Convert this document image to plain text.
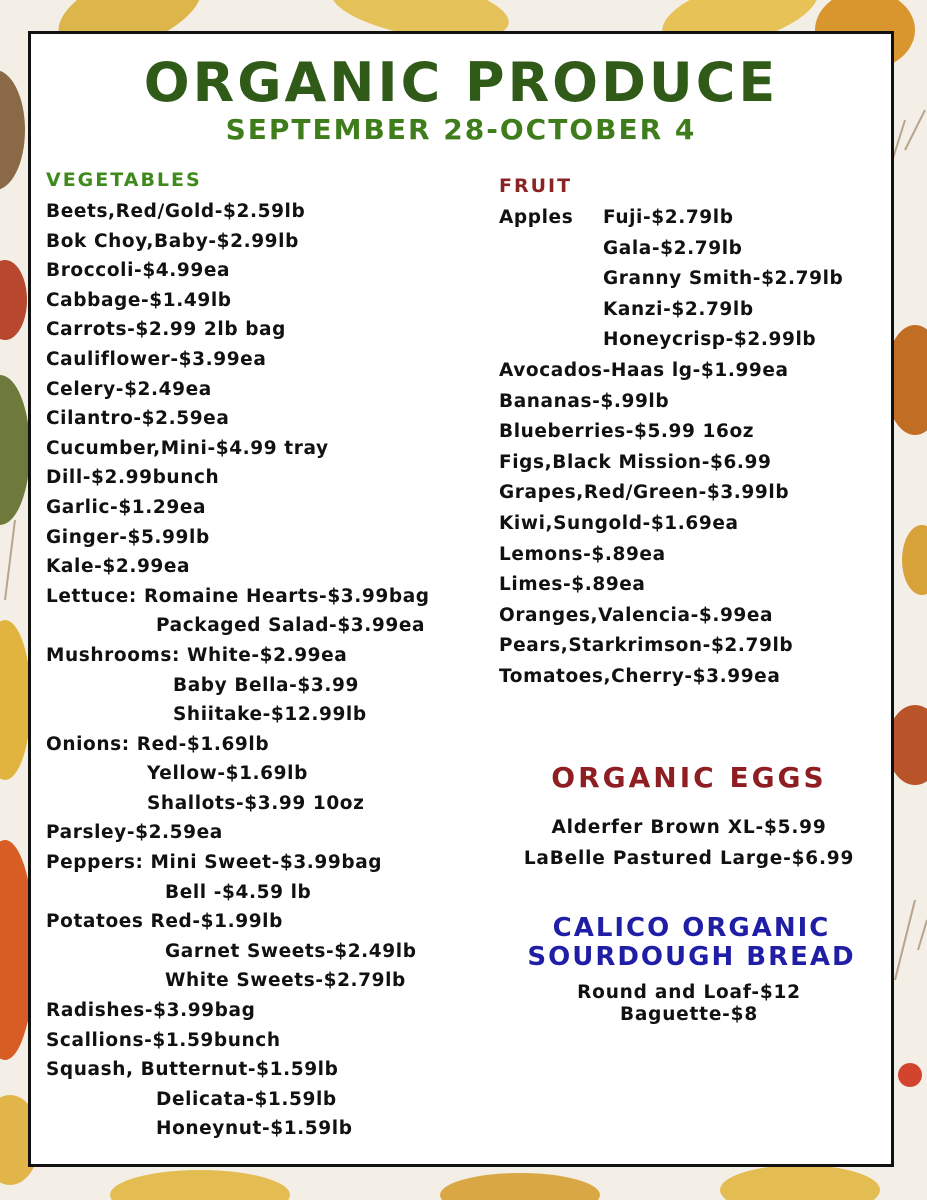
ORGANIC PRODUCE
SEPTEMBER 28-OCTOBER 4
VEGETABLES
Beets,Red/Gold-$2.59lb
Bok Choy,Baby-$2.99lb
Broccoli-$4.99ea
Cabbage-$1.49lb
Carrots-$2.99 2lb bag
Cauliflower-$3.99ea
Celery-$2.49ea
Cilantro-$2.59ea
Cucumber,Mini-$4.99 tray
Dill-$2.99bunch
Garlic-$1.29ea
Ginger-$5.99lb
Kale-$2.99ea
Lettuce: Romaine Hearts-$3.99bag
Packaged Salad-$3.99ea
Mushrooms: White-$2.99ea
Baby Bella-$3.99
Shiitake-$12.99lb
Onions: Red-$1.69lb
Yellow-$1.69lb
Shallots-$3.99 10oz
Parsley-$2.59ea
Peppers: Mini Sweet-$3.99bag
Bell -$4.59 lb
Potatoes Red-$1.99lb
Garnet Sweets-$2.49lb
White Sweets-$2.79lb
Radishes-$3.99bag
Scallions-$1.59bunch
Squash, Butternut-$1.59lb
Delicata-$1.59lb
Honeynut-$1.59lb
FRUIT
Apples Fuji-$2.79lb
Gala-$2.79lb
Granny Smith-$2.79lb
Kanzi-$2.79lb
Honeycrisp-$2.99lb
Avocados-Haas lg-$1.99ea
Bananas-$.99lb
Blueberries-$5.99 16oz
Figs,Black Mission-$6.99
Grapes,Red/Green-$3.99lb
Kiwi,Sungold-$1.69ea
Lemons-$.89ea
Limes-$.89ea
Oranges,Valencia-$.99ea
Pears,Starkrimson-$2.79lb
Tomatoes,Cherry-$3.99ea
ORGANIC EGGS
Alderfer Brown XL-$5.99
LaBelle Pastured Large-$6.99
CALICO ORGANIC
SOURDOUGH BREAD
Round and Loaf-$12
Baguette-$8
